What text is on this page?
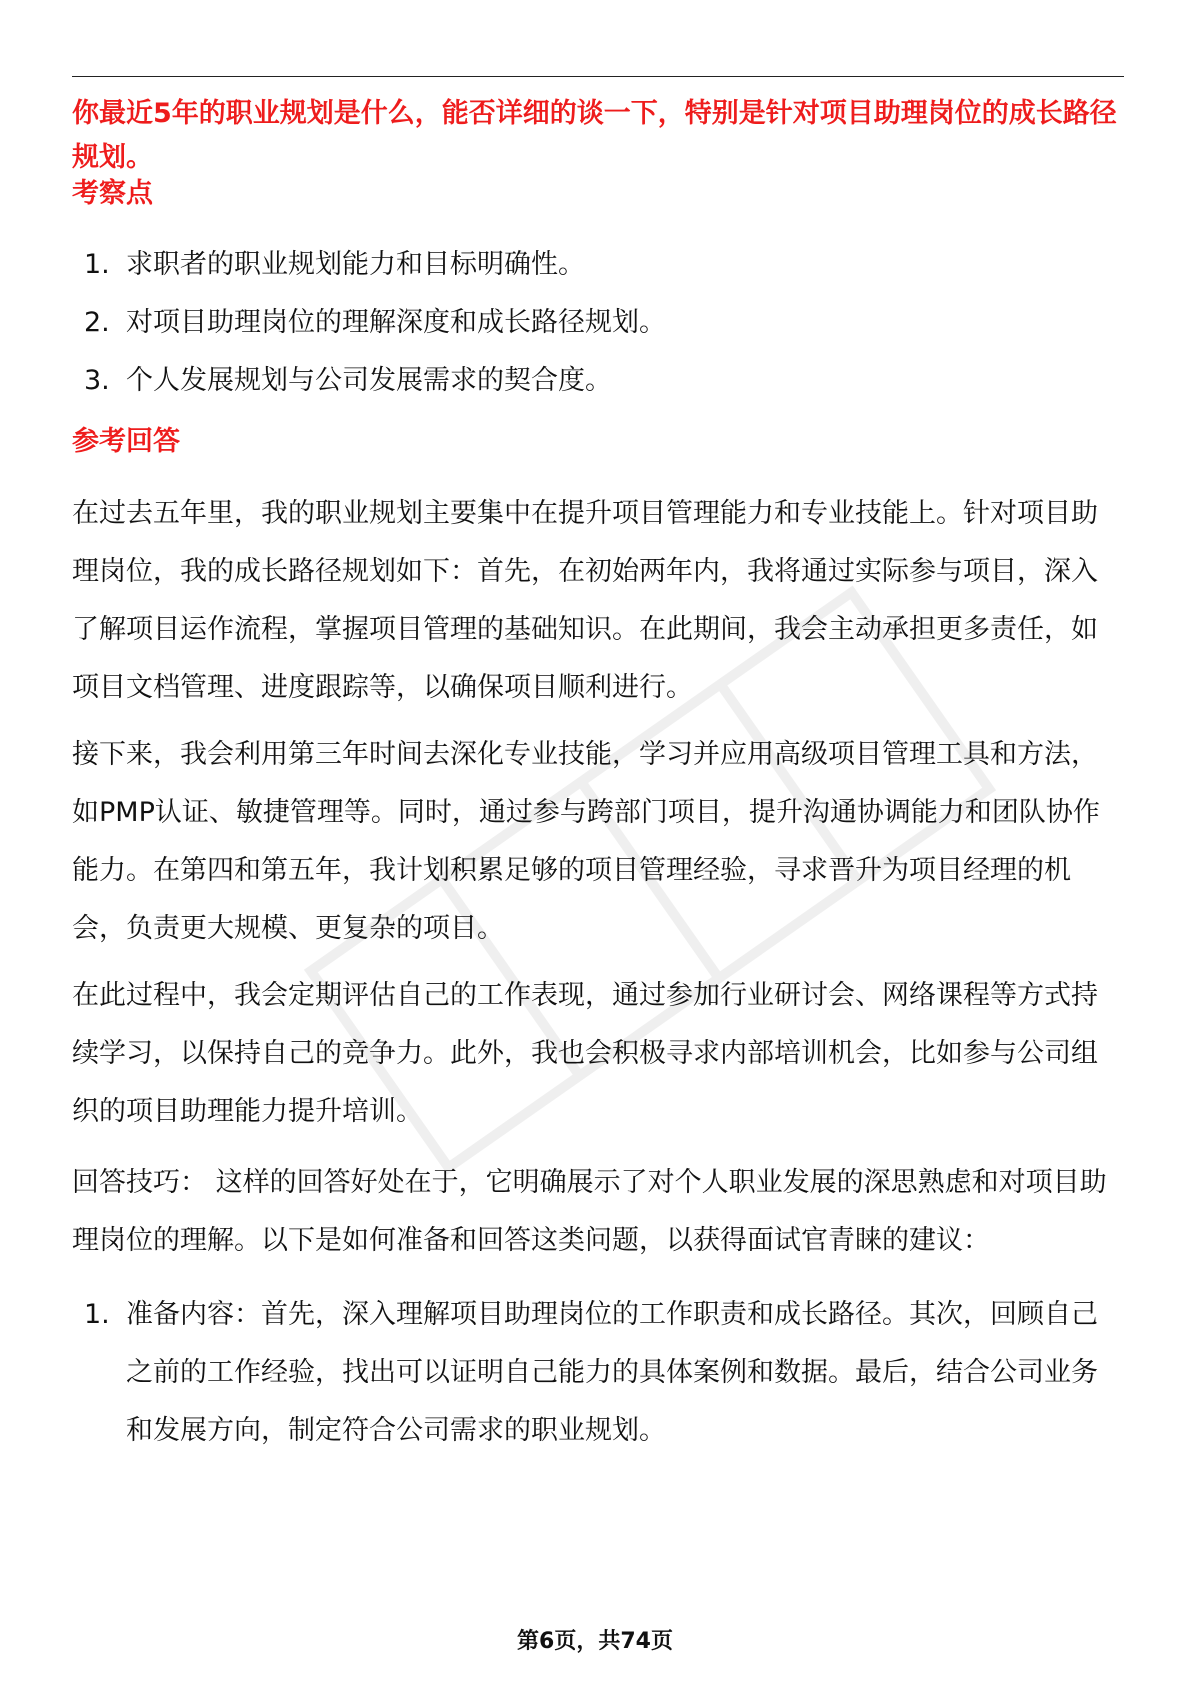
你最近5年的职业规划是什么，能否详细的谈一下，特别是针对项目助理岗位的成长路径规划。
考察点
1. 求职者的职业规划能力和目标明确性。
2. 对项目助理岗位的理解深度和成长路径规划。
3. 个人发展规划与公司发展需求的契合度。
参考回答

在过去五年里，我的职业规划主要集中在提升项目管理能力和专业技能上。针对项目助理岗位，我的成长路径规划如下：首先，在初始两年内，我将通过实际参与项目，深入了解项目运作流程，掌握项目管理的基础知识。在此期间，我会主动承担更多责任，如项目文档管理、进度跟踪等，以确保项目顺利进行。

接下来，我会利用第三年时间去深化专业技能，学习并应用高级项目管理工具和方法，如PMP认证、敏捷管理等。同时，通过参与跨部门项目，提升沟通协调能力和团队协作能力。在第四和第五年，我计划积累足够的项目管理经验，寻求晋升为项目经理的机会，负责更大规模、更复杂的项目。

在此过程中，我会定期评估自己的工作表现，通过参加行业研讨会、网络课程等方式持续学习，以保持自己的竞争力。此外，我也会积极寻求内部培训机会，比如参与公司组织的项目助理能力提升培训。

回答技巧： 这样的回答好处在于，它明确展示了对个人职业发展的深思熟虑和对项目助理岗位的理解。以下是如何准备和回答这类问题，以获得面试官青睐的建议：

1. 准备内容：首先，深入理解项目助理岗位的工作职责和成长路径。其次，回顾自己之前的工作经验，找出可以证明自己能力的具体案例和数据。最后，结合公司业务和发展方向，制定符合公司需求的职业规划。
第6页，共74页
